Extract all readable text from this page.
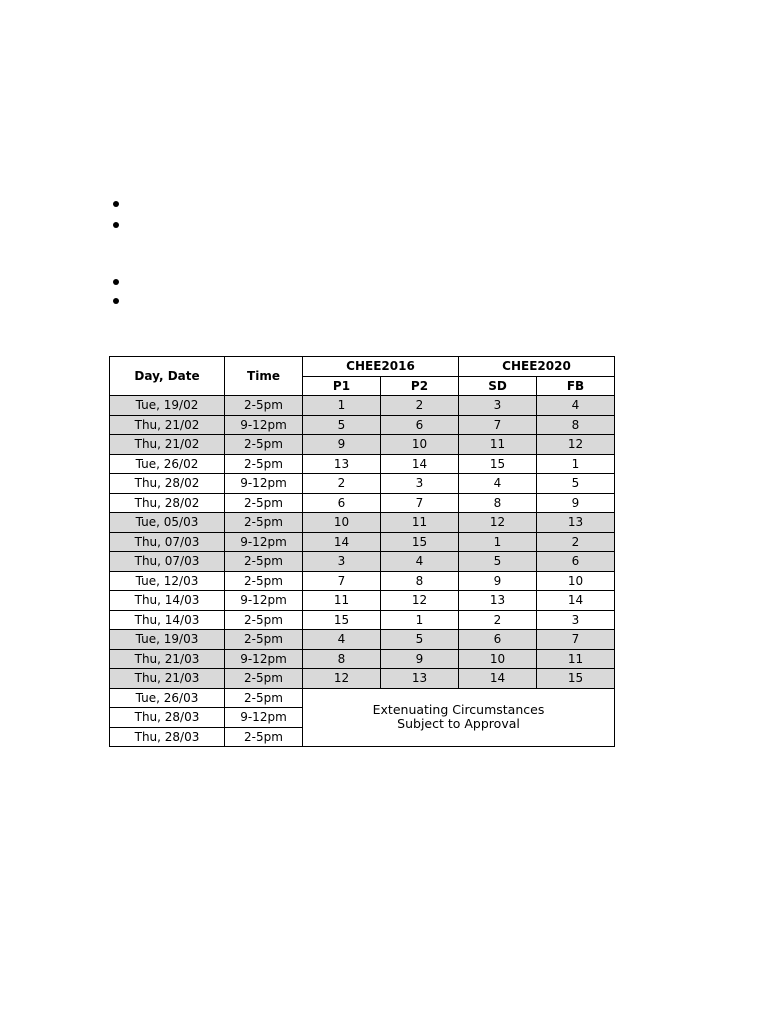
Day, Date	Time	CHEE2016		CHEE2020	
		P1	P2	SD	FB
Tue, 19/02	2-5pm	1	2	3	4
Thu, 21/02	9-12pm	5	6	7	8
Thu, 21/02	2-5pm	9	10	11	12
Tue, 26/02	2-5pm	13	14	15	1
Thu, 28/02	9-12pm	2	3	4	5
Thu, 28/02	2-5pm	6	7	8	9
Tue, 05/03	2-5pm	10	11	12	13
Thu, 07/03	9-12pm	14	15	1	2
Thu, 07/03	2-5pm	3	4	5	6
Tue, 12/03	2-5pm	7	8	9	10
Thu, 14/03	9-12pm	11	12	13	14
Thu, 14/03	2-5pm	15	1	2	3
Tue, 19/03	2-5pm	4	5	6	7
Thu, 21/03	9-12pm	8	9	10	11
Thu, 21/03	2-5pm	12	13	14	15
Tue, 26/03	2-5pm	Extenuating Circumstances
Subject to Approval			

Thu, 28/03	9-12pm				
Thu, 28/03	2-5pm				
